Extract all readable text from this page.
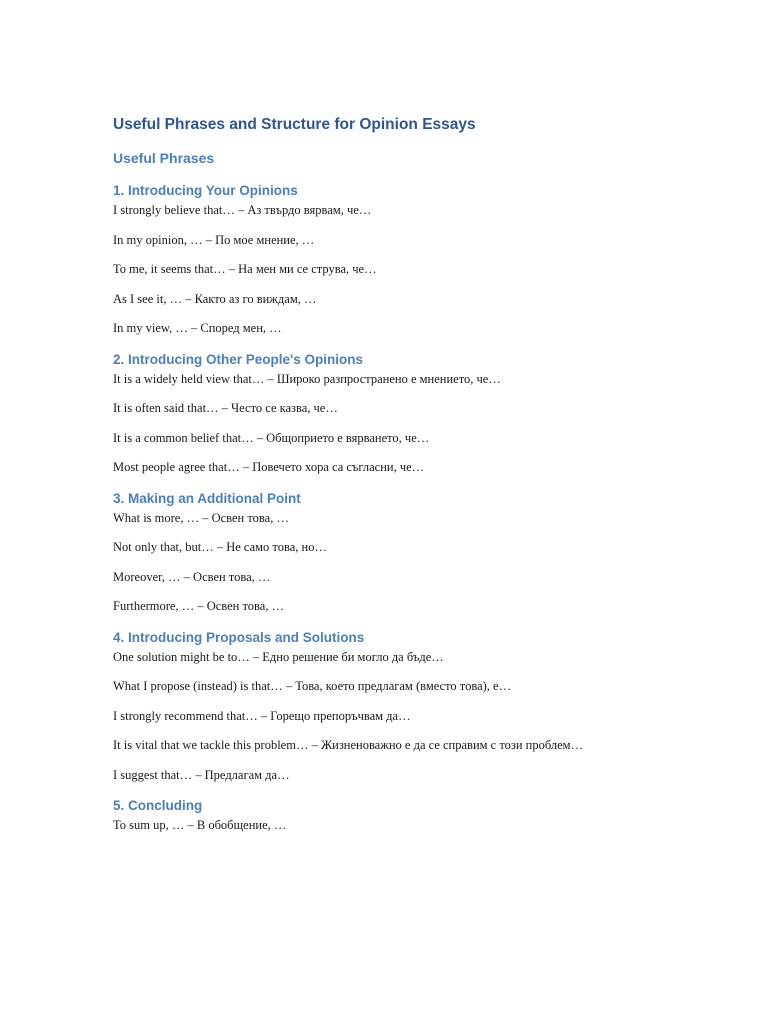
Useful Phrases and Structure for Opinion Essays
Useful Phrases
1. Introducing Your Opinions

I strongly believe that… – Аз твърдо вярвам, че…

In my opinion, … – По мое мнение, …

To me, it seems that… – На мен ми се струва, че…

As I see it, … – Както аз го виждам, …

In my view, … – Според мен, …

2. Introducing Other People's Opinions

It is a widely held view that… – Широко разпространено е мнението, че…

It is often said that… – Често се казва, че…

It is a common belief that… – Общоприето е вярването, че…

Most people agree that… – Повечето хора са съгласни, че…

3. Making an Additional Point

What is more, … – Освен това, …

Not only that, but… – Не само това, но…

Moreover, … – Освен това, …

Furthermore, … – Освен това, …

4. Introducing Proposals and Solutions

One solution might be to… – Едно решение би могло да бъде…

What I propose (instead) is that… – Това, което предлагам (вместо това), е…

I strongly recommend that… – Горещо препоръчвам да…

It is vital that we tackle this problem… – Жизненоважно е да се справим с този проблем…

I suggest that… – Предлагам да…

5. Concluding

To sum up, … – В обобщение, …
